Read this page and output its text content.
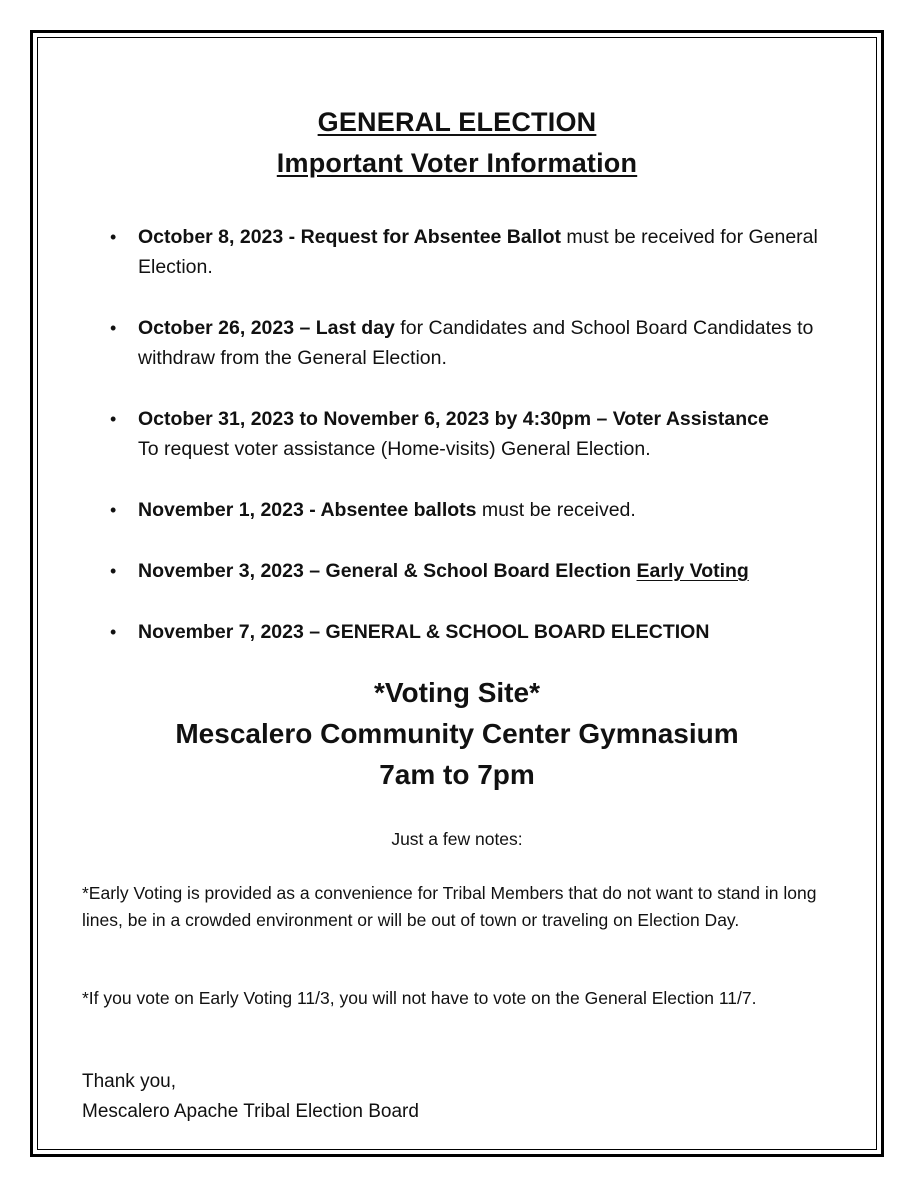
GENERAL ELECTION
Important Voter Information
• October 8, 2023 - Request for Absentee Ballot must be received for General Election.
• October 26, 2023 – Last day for Candidates and School Board Candidates to withdraw from the General Election.
• October 31, 2023 to November 6, 2023 by 4:30pm – Voter Assistance
To request voter assistance (Home-visits) General Election.
• November 1, 2023 - Absentee ballots must be received.
• November 3, 2023 – General & School Board Election Early Voting
• November 7, 2023 – GENERAL & SCHOOL BOARD ELECTION
*Voting Site*
Mescalero Community Center Gymnasium
7am to 7pm
Just a few notes:
*Early Voting is provided as a convenience for Tribal Members that do not want to stand in long lines, be in a crowded environment or will be out of town or traveling on Election Day.
*If you vote on Early Voting 11/3, you will not have to vote on the General Election 11/7.
Thank you,
Mescalero Apache Tribal Election Board
